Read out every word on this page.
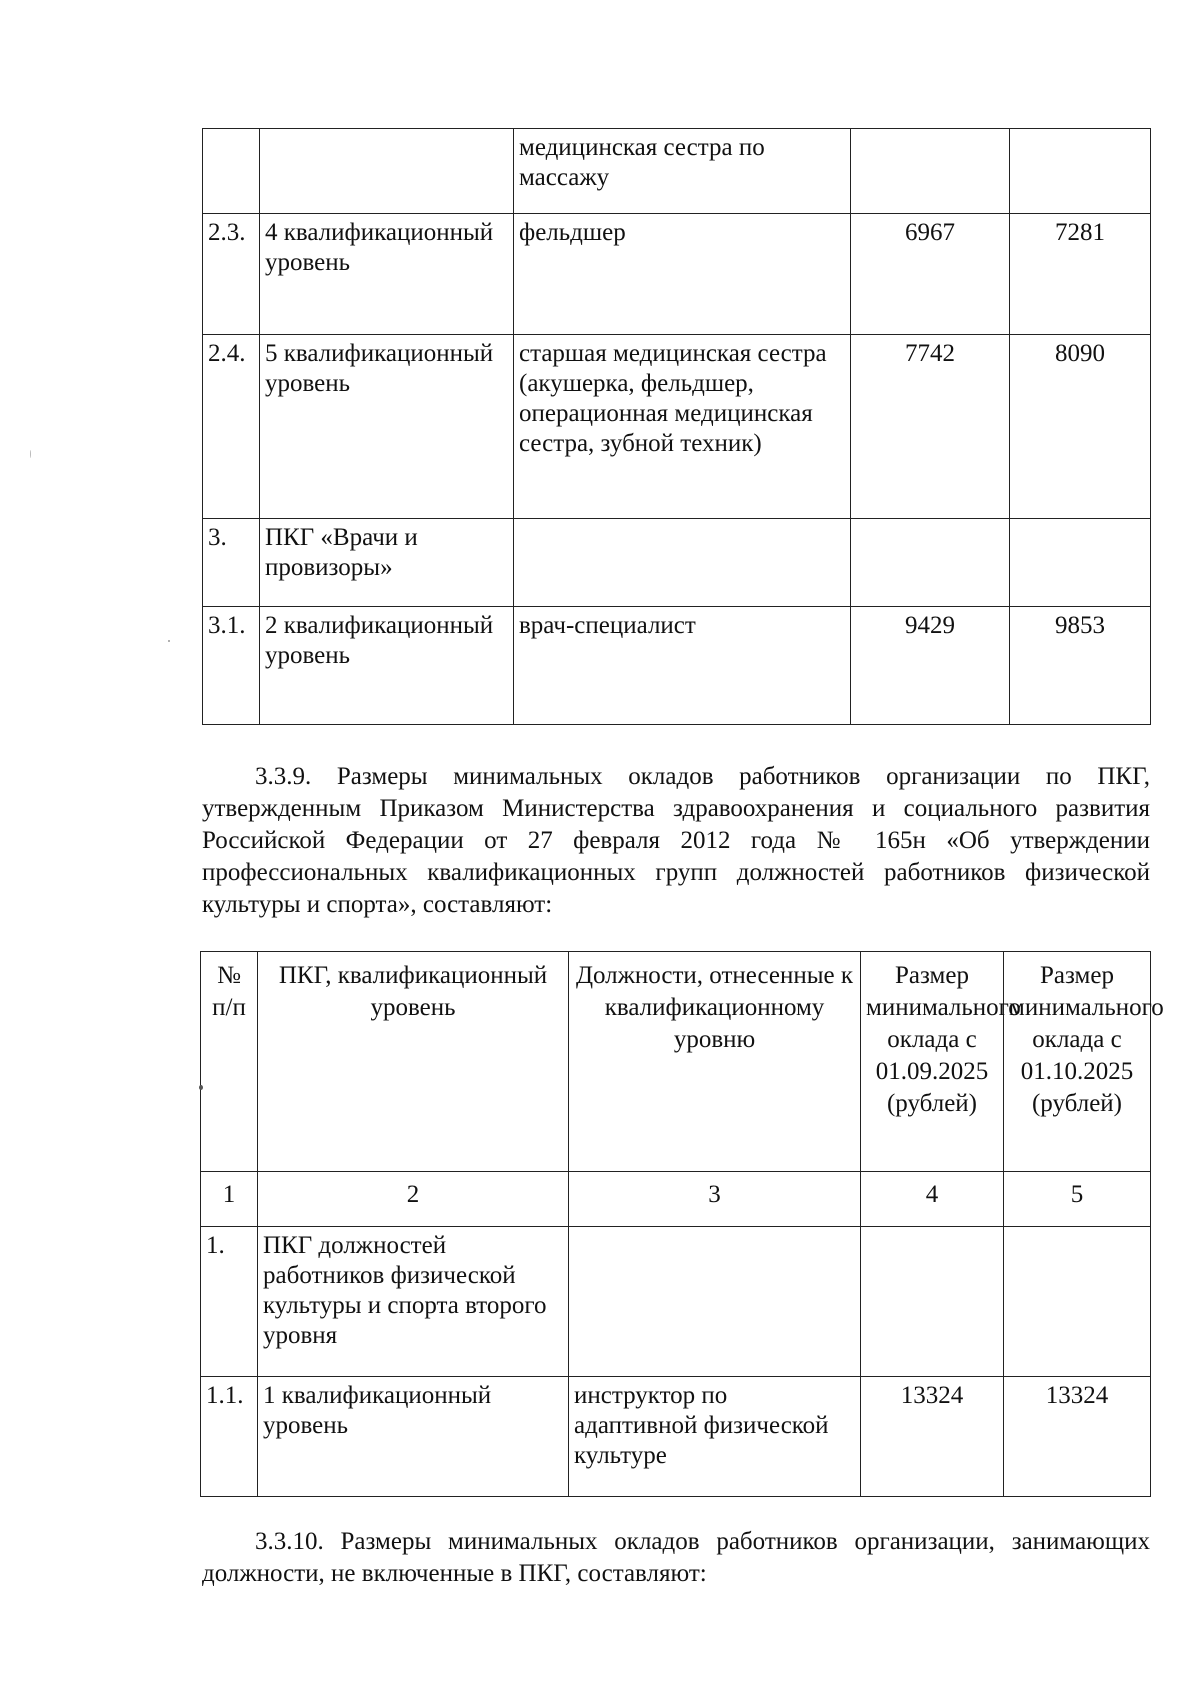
		медицинская сестра по массажу		
2.3.	4 квалификационный уровень	фельдшер	6967	7281
2.4.	5 квалификационный уровень	старшая медицинская сестра (акушерка, фельдшер, операционная медицинская сестра, зубной техник)	7742	8090
3.	ПКГ «Врачи и провизоры»			
3.1.	2 квалификационный уровень	врач-специалист	9429	9853

3.3.9. Размеры минимальных окладов работников организации по ПКГ, утвержденным Приказом Министерства здравоохранения и социального развития Российской Федерации от 27 февраля 2012 года № 165н «Об утверждении профессиональных квалификационных групп должностей работников физической культуры и спорта», составляют:

№ п/п	ПКГ, квалификационный уровень	Должности, отнесенные к квалификационному уровню	Размер минимального оклада с 01.09.2025 (рублей)	Размер минимального оклада с 01.10.2025 (рублей)
1	2	3	4	5
1.	ПКГ должностей работников физической культуры и спорта второго уровня			
1.1.	1 квалификационный уровень	инструктор по адаптивной физической культуре	13324	13324

3.3.10. Размеры минимальных окладов работников организации, занимающих должности, не включенные в ПКГ, составляют:
